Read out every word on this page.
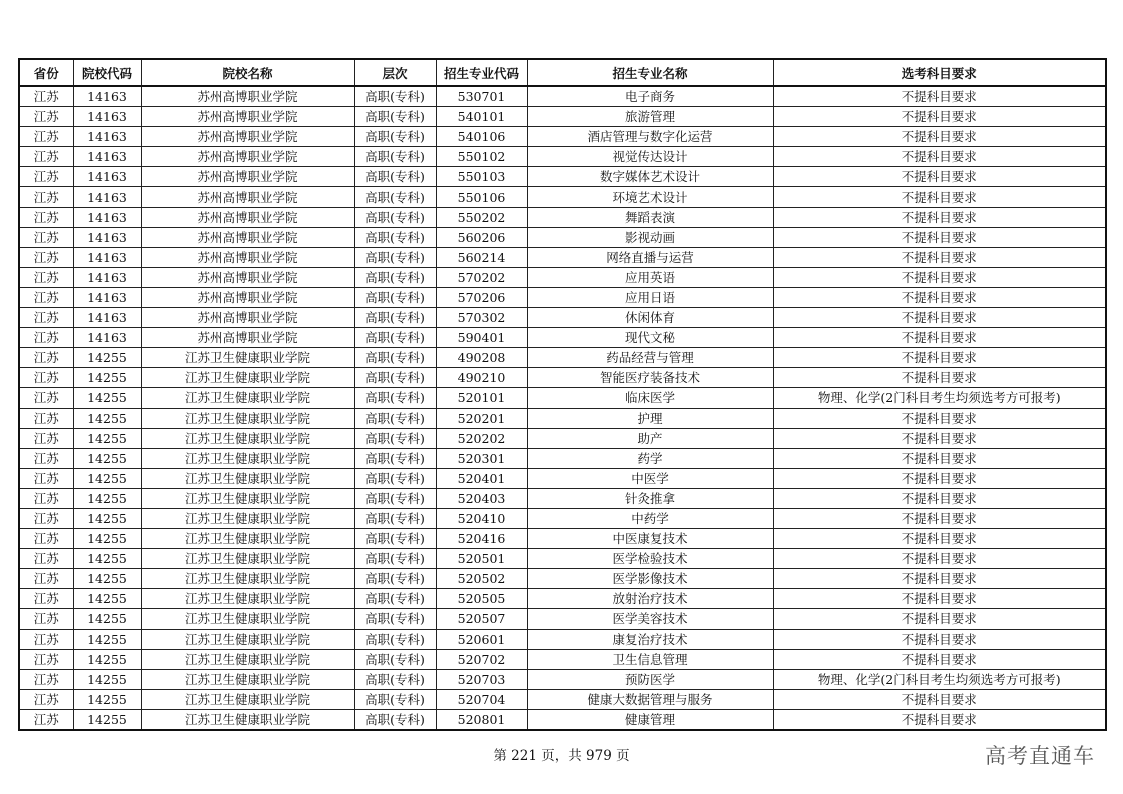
省份	院校代码	院校名称	层次	招生专业代码	招生专业名称	选考科目要求
江苏	14163	苏州高博职业学院	高职(专科)	530701	电子商务	不提科目要求
江苏	14163	苏州高博职业学院	高职(专科)	540101	旅游管理	不提科目要求
江苏	14163	苏州高博职业学院	高职(专科)	540106	酒店管理与数字化运营	不提科目要求
江苏	14163	苏州高博职业学院	高职(专科)	550102	视觉传达设计	不提科目要求
江苏	14163	苏州高博职业学院	高职(专科)	550103	数字媒体艺术设计	不提科目要求
江苏	14163	苏州高博职业学院	高职(专科)	550106	环境艺术设计	不提科目要求
江苏	14163	苏州高博职业学院	高职(专科)	550202	舞蹈表演	不提科目要求
江苏	14163	苏州高博职业学院	高职(专科)	560206	影视动画	不提科目要求
江苏	14163	苏州高博职业学院	高职(专科)	560214	网络直播与运营	不提科目要求
江苏	14163	苏州高博职业学院	高职(专科)	570202	应用英语	不提科目要求
江苏	14163	苏州高博职业学院	高职(专科)	570206	应用日语	不提科目要求
江苏	14163	苏州高博职业学院	高职(专科)	570302	休闲体育	不提科目要求
江苏	14163	苏州高博职业学院	高职(专科)	590401	现代文秘	不提科目要求
江苏	14255	江苏卫生健康职业学院	高职(专科)	490208	药品经营与管理	不提科目要求
江苏	14255	江苏卫生健康职业学院	高职(专科)	490210	智能医疗装备技术	不提科目要求
江苏	14255	江苏卫生健康职业学院	高职(专科)	520101	临床医学	物理、化学(2门科目考生均须选考方可报考)
江苏	14255	江苏卫生健康职业学院	高职(专科)	520201	护理	不提科目要求
江苏	14255	江苏卫生健康职业学院	高职(专科)	520202	助产	不提科目要求
江苏	14255	江苏卫生健康职业学院	高职(专科)	520301	药学	不提科目要求
江苏	14255	江苏卫生健康职业学院	高职(专科)	520401	中医学	不提科目要求
江苏	14255	江苏卫生健康职业学院	高职(专科)	520403	针灸推拿	不提科目要求
江苏	14255	江苏卫生健康职业学院	高职(专科)	520410	中药学	不提科目要求
江苏	14255	江苏卫生健康职业学院	高职(专科)	520416	中医康复技术	不提科目要求
江苏	14255	江苏卫生健康职业学院	高职(专科)	520501	医学检验技术	不提科目要求
江苏	14255	江苏卫生健康职业学院	高职(专科)	520502	医学影像技术	不提科目要求
江苏	14255	江苏卫生健康职业学院	高职(专科)	520505	放射治疗技术	不提科目要求
江苏	14255	江苏卫生健康职业学院	高职(专科)	520507	医学美容技术	不提科目要求
江苏	14255	江苏卫生健康职业学院	高职(专科)	520601	康复治疗技术	不提科目要求
江苏	14255	江苏卫生健康职业学院	高职(专科)	520702	卫生信息管理	不提科目要求
江苏	14255	江苏卫生健康职业学院	高职(专科)	520703	预防医学	物理、化学(2门科目考生均须选考方可报考)
江苏	14255	江苏卫生健康职业学院	高职(专科)	520704	健康大数据管理与服务	不提科目要求
江苏	14255	江苏卫生健康职业学院	高职(专科)	520801	健康管理	不提科目要求
第 221 页，共 979 页	高考直通车
